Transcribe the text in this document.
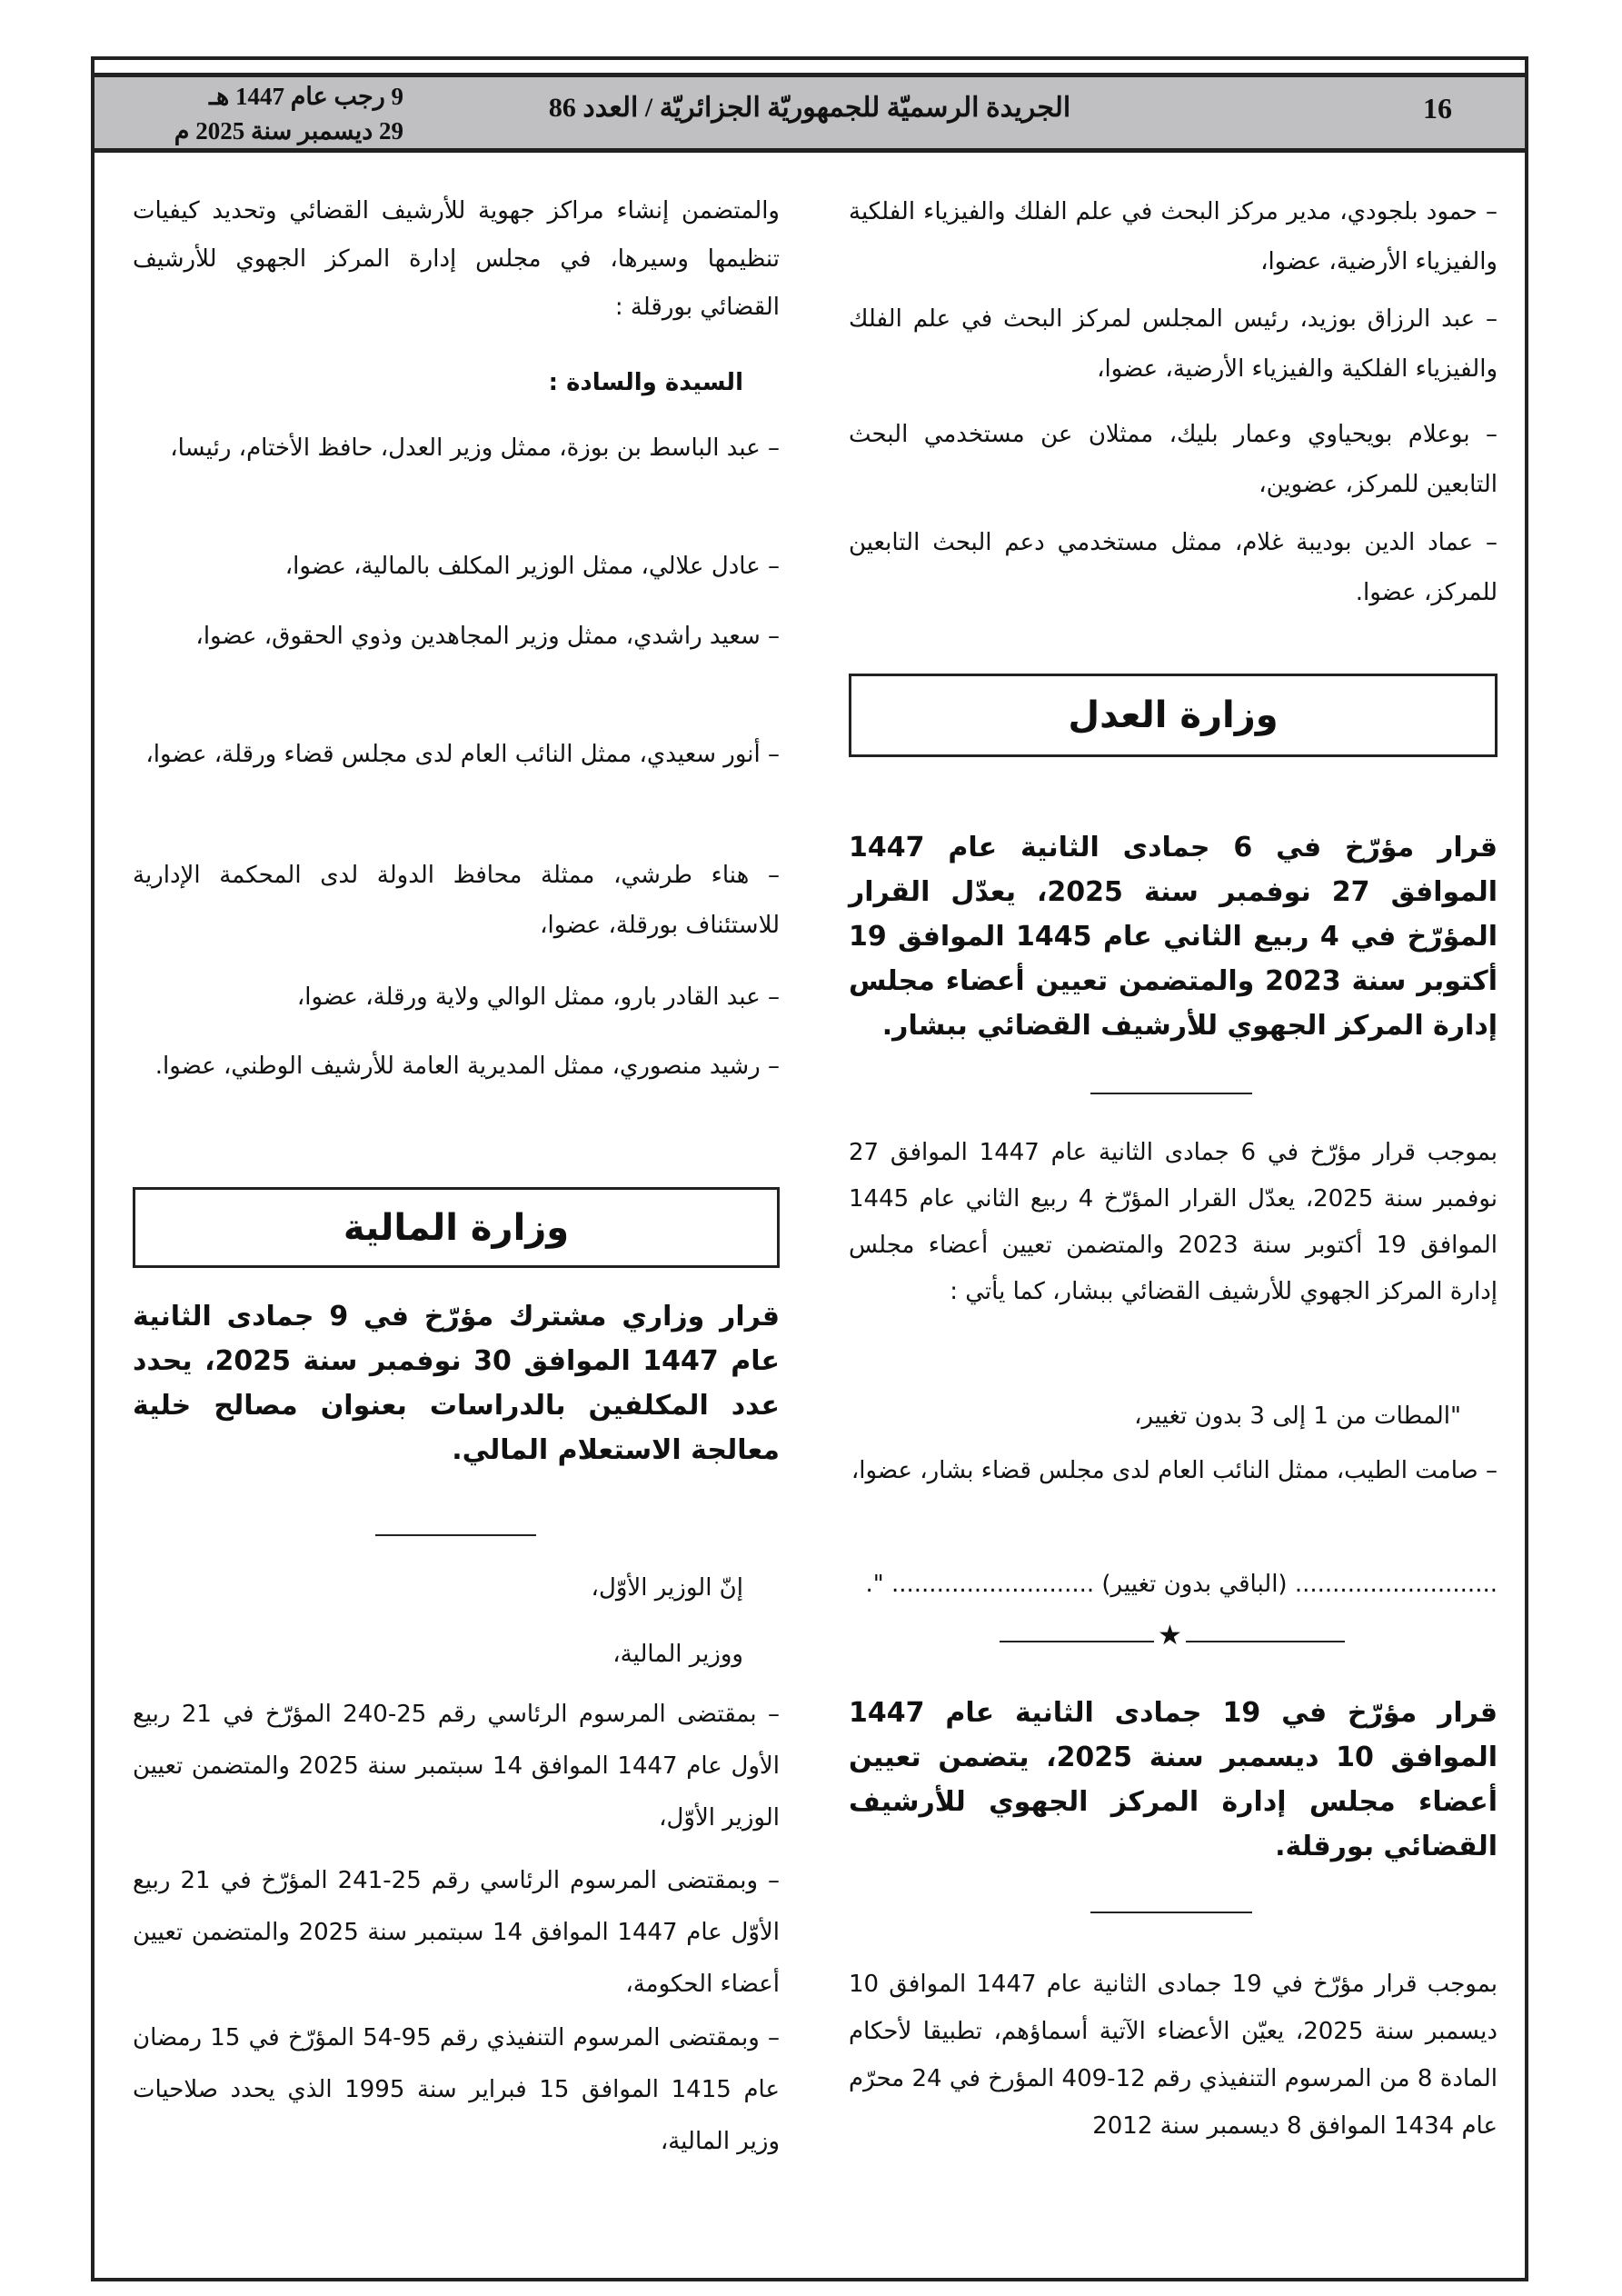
16
الجريدة الرسميّة للجمهوريّة الجزائريّة / العدد 86
9 رجب عام 1447 هـ
29 ديسمبر سنة 2025 م
– حمود بلجودي، مدير مركز البحث في علم الفلك والفيزياء الفلكية والفيزياء الأرضية، عضوا،
– عبد الرزاق بوزيد، رئيس المجلس لمركز البحث في علم الفلك والفيزياء الفلكية والفيزياء الأرضية، عضوا،
– بوعلام بويحياوي وعمار بليك، ممثلان عن مستخدمي البحث التابعين للمركز، عضوين،
– عماد الدين بوديبة غلام، ممثل مستخدمي دعم البحث التابعين للمركز، عضوا.
وزارة العدل
قرار مؤرّخ في 6 جمادى الثانية عام 1447 الموافق 27 نوفمبر سنة 2025، يعدّل القرار المؤرّخ في 4 ربيع الثاني عام 1445 الموافق 19 أكتوبر سنة 2023 والمتضمن تعيين أعضاء مجلس إدارة المركز الجهوي للأرشيف القضائي ببشار.
بموجب قرار مؤرّخ في 6 جمادى الثانية عام 1447 الموافق 27 نوفمبر سنة 2025، يعدّل القرار المؤرّخ 4 ربيع الثاني عام 1445 الموافق 19 أكتوبر سنة 2023 والمتضمن تعيين أعضاء مجلس إدارة المركز الجهوي للأرشيف القضائي ببشار، كما يأتي :
"المطات من 1 إلى 3 بدون تغيير،
– صامت الطيب، ممثل النائب العام لدى مجلس قضاء بشار، عضوا،
........................... (الباقي بدون تغيير) ........................... ".
★
قرار مؤرّخ في 19 جمادى الثانية عام 1447 الموافق 10 ديسمبر سنة 2025، يتضمن تعيين أعضاء مجلس إدارة المركز الجهوي للأرشيف القضائي بورقلة.
بموجب قرار مؤرّخ في 19 جمادى الثانية عام 1447 الموافق 10 ديسمبر سنة 2025، يعيّن الأعضاء الآتية أسماؤهم، تطبيقا لأحكام المادة 8 من المرسوم التنفيذي رقم 12-409 المؤرخ في 24 محرّم عام 1434 الموافق 8 ديسمبر سنة 2012
والمتضمن إنشاء مراكز جهوية للأرشيف القضائي وتحديد كيفيات تنظيمها وسيرها، في مجلس إدارة المركز الجهوي للأرشيف القضائي بورقلة :
السيدة والسادة :
– عبد الباسط بن بوزة، ممثل وزير العدل، حافظ الأختام، رئيسا،
– عادل علالي، ممثل الوزير المكلف بالمالية، عضوا،
– سعيد راشدي، ممثل وزير المجاهدين وذوي الحقوق، عضوا،
– أنور سعيدي، ممثل النائب العام لدى مجلس قضاء ورقلة، عضوا،
– هناء طرشي، ممثلة محافظ الدولة لدى المحكمة الإدارية للاستئناف بورقلة، عضوا،
– عبد القادر بارو، ممثل الوالي ولاية ورقلة، عضوا،
– رشيد منصوري، ممثل المديرية العامة للأرشيف الوطني، عضوا.
وزارة المالية
قرار وزاري مشترك مؤرّخ في 9 جمادى الثانية عام 1447 الموافق 30 نوفمبر سنة 2025، يحدد عدد المكلفين بالدراسات بعنوان مصالح خلية معالجة الاستعلام المالي.
إنّ الوزير الأوّل،
ووزير المالية،
– بمقتضى المرسوم الرئاسي رقم 25-240 المؤرّخ في 21 ربيع الأول عام 1447 الموافق 14 سبتمبر سنة 2025 والمتضمن تعيين الوزير الأوّل،
– وبمقتضى المرسوم الرئاسي رقم 25-241 المؤرّخ في 21 ربيع الأوّل عام 1447 الموافق 14 سبتمبر سنة 2025 والمتضمن تعيين أعضاء الحكومة،
– وبمقتضى المرسوم التنفيذي رقم 95-54 المؤرّخ في 15 رمضان عام 1415 الموافق 15 فبراير سنة 1995 الذي يحدد صلاحيات وزير المالية،
